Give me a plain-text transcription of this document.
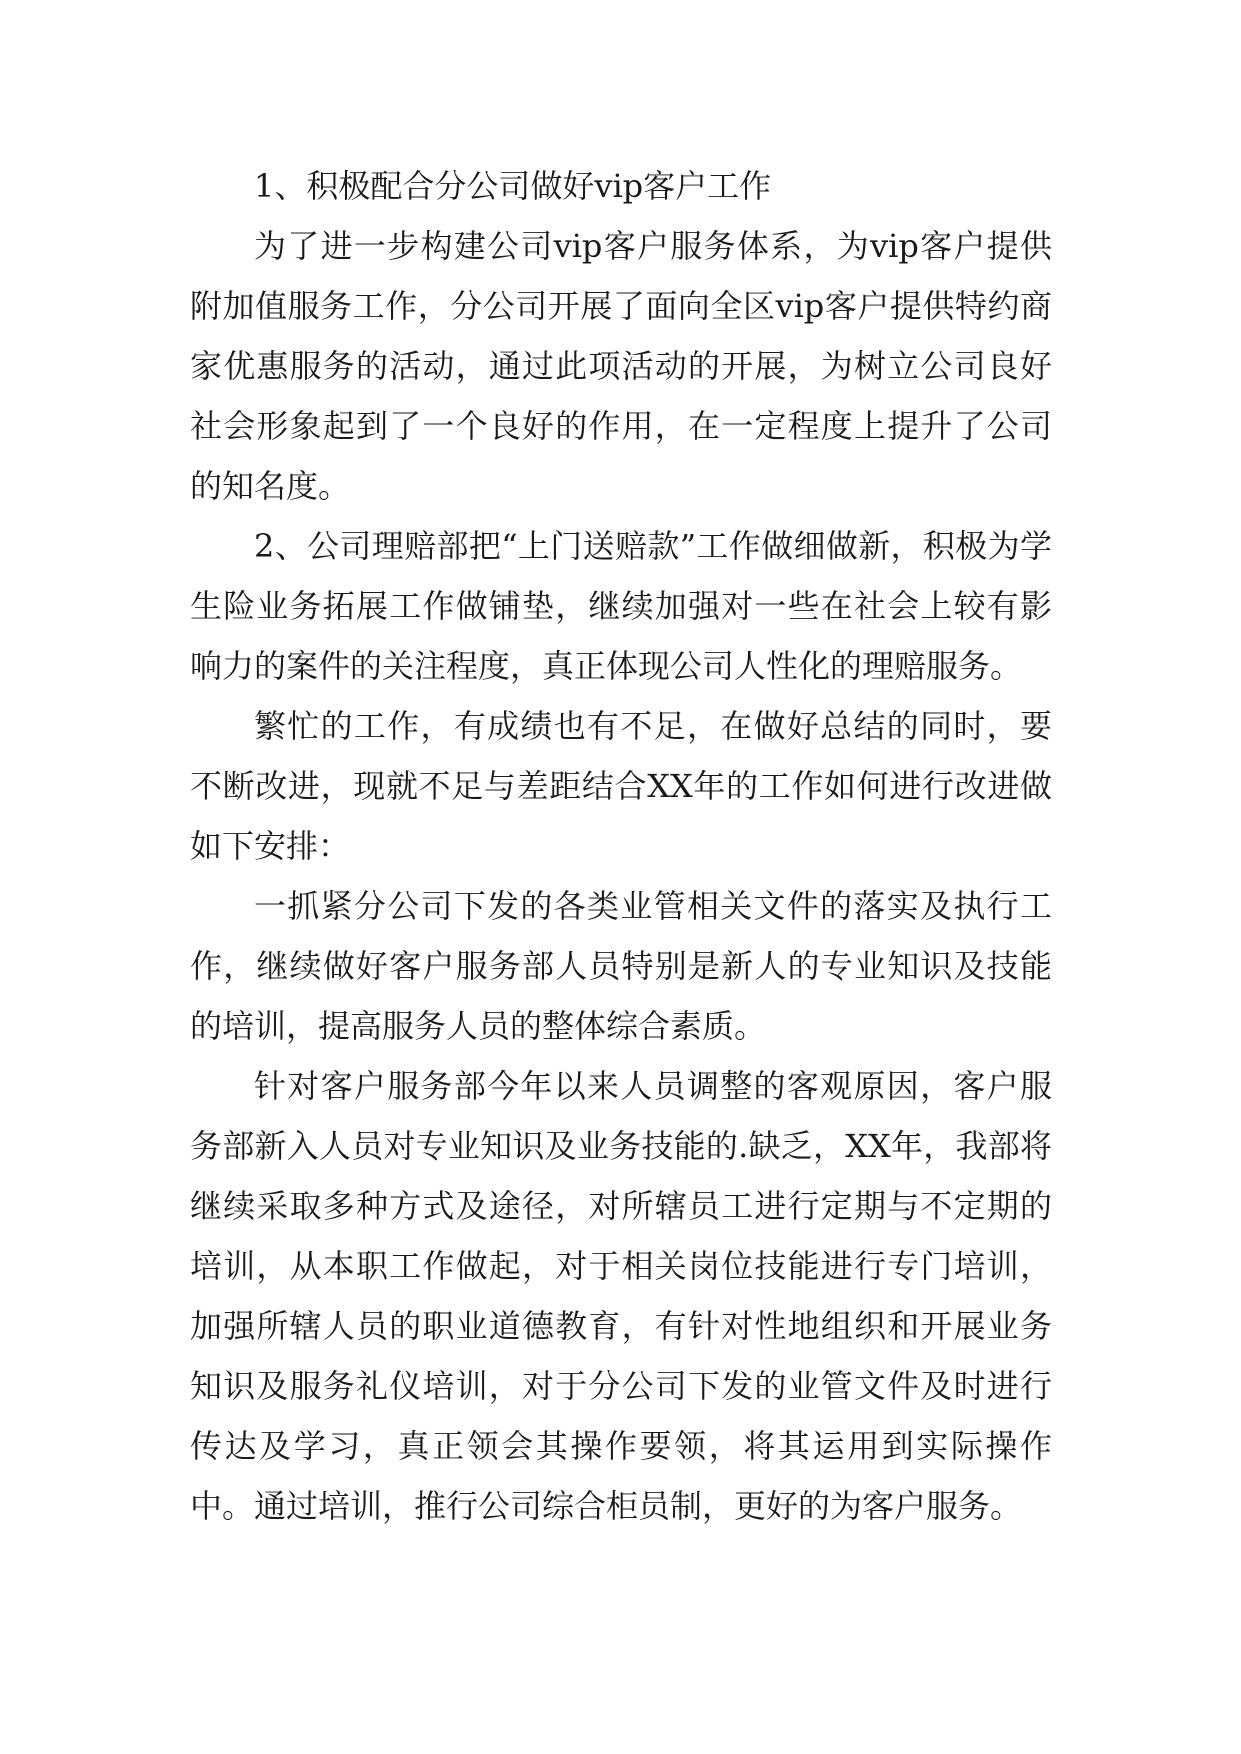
1、积极配合分公司做好vip客户工作

为了进一步构建公司vip客户服务体系，为vip客户提供附加值服务工作，分公司开展了面向全区vip客户提供特约商家优惠服务的活动，通过此项活动的开展，为树立公司良好社会形象起到了一个良好的作用，在一定程度上提升了公司的知名度。

2、公司理赔部把“上门送赔款”工作做细做新，积极为学生险业务拓展工作做铺垫，继续加强对一些在社会上较有影响力的案件的关注程度，真正体现公司人性化的理赔服务。

繁忙的工作，有成绩也有不足，在做好总结的同时，要不断改进，现就不足与差距结合XX年的工作如何进行改进做如下安排：

一抓紧分公司下发的各类业管相关文件的落实及执行工作，继续做好客户服务部人员特别是新人的专业知识及技能的培训，提高服务人员的整体综合素质。

针对客户服务部今年以来人员调整的客观原因，客户服务部新入人员对专业知识及业务技能的.缺乏，XX年，我部将继续采取多种方式及途径，对所辖员工进行定期与不定期的培训，从本职工作做起，对于相关岗位技能进行专门培训，加强所辖人员的职业道德教育，有针对性地组织和开展业务知识及服务礼仪培训，对于分公司下发的业管文件及时进行传达及学习，真正领会其操作要领，将其运用到实际操作中。通过培训，推行公司综合柜员制，更好的为客户服务。
